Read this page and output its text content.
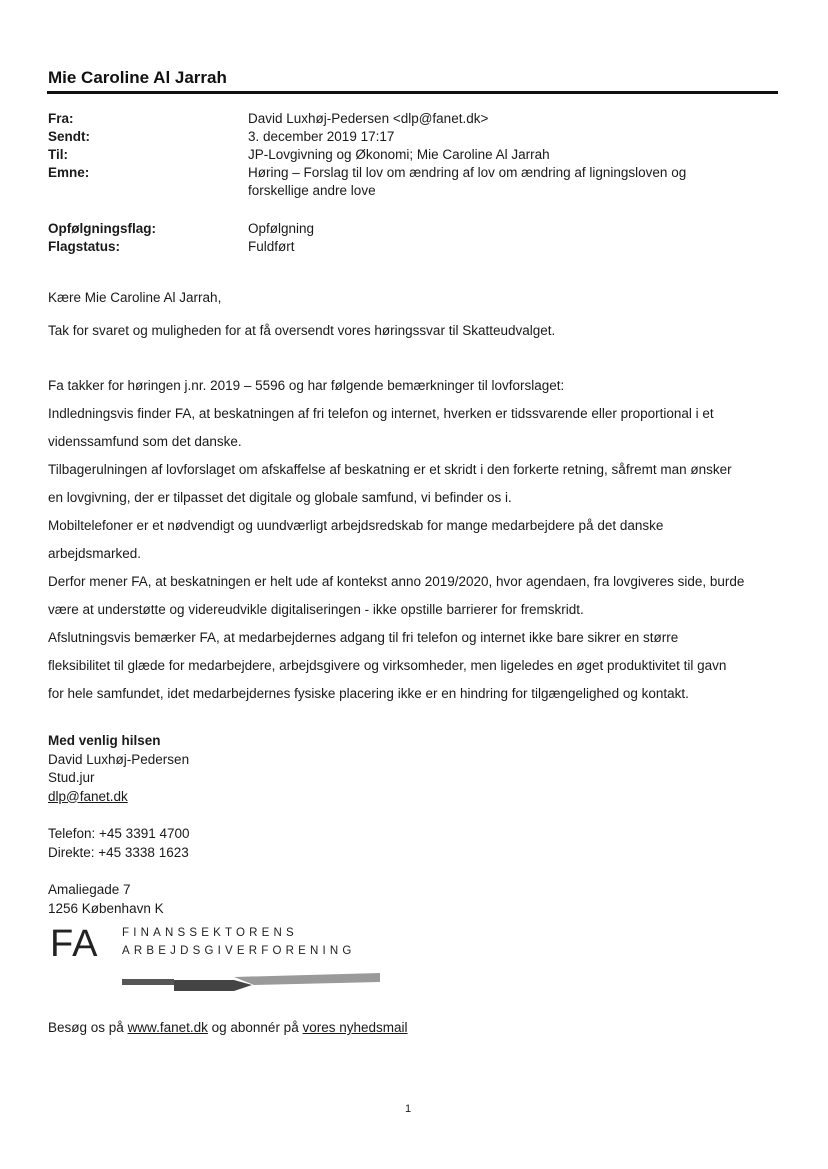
Mie Caroline Al Jarrah
Fra:	David Luxhøj-Pedersen <dlp@fanet.dk>
Sendt:	3. december 2019 17:17
Til:	JP-Lovgivning og Økonomi; Mie Caroline Al Jarrah
Emne:	Høring – Forslag til lov om ændring af lov om ændring af ligningsloven og forskellige andre love
Opfølgningsflag:	Opfølgning
Flagstatus:	Fuldført
Kære Mie Caroline Al Jarrah,
Tak for svaret og muligheden for at få oversendt vores høringssvar til Skatteudvalget.

Fa takker for høringen j.nr. 2019 – 5596 og har følgende bemærkninger til lovforslaget:

Indledningsvis finder FA, at beskatningen af fri telefon og internet, hverken er tidssvarende eller proportional i et

videnssamfund som det danske.

Tilbagerulningen af lovforslaget om afskaffelse af beskatning er et skridt i den forkerte retning, såfremt man ønsker

en lovgivning, der er tilpasset det digitale og globale samfund, vi befinder os i.

Mobiltelefoner er et nødvendigt og uundværligt arbejdsredskab for mange medarbejdere på det danske

arbejdsmarked.

Derfor mener FA, at beskatningen er helt ude af kontekst anno 2019/2020, hvor agendaen, fra lovgiveres side, burde

være at understøtte og videreudvikle digitaliseringen - ikke opstille barrierer for fremskridt.

Afslutningsvis bemærker FA, at medarbejdernes adgang til fri telefon og internet ikke bare sikrer en større

fleksibilitet til glæde for medarbejdere, arbejdsgivere og virksomheder, men ligeledes en øget produktivitet til gavn

for hele samfundet, idet medarbejdernes fysiske placering ikke er en hindring for tilgængelighed og kontakt.

Med venlig hilsen
David Luxhøj-Pedersen
Stud.jur
dlp@fanet.dk
Telefon: +45 3391 4700
Direkte: +45 3338 1623
Amaliegade 7
1256 København K
FA FINANSSEKTORENS
ARBEJDSGIVERFORENING
Besøg os på www.fanet.dk og abonnér på vores nyhedsmail
1
